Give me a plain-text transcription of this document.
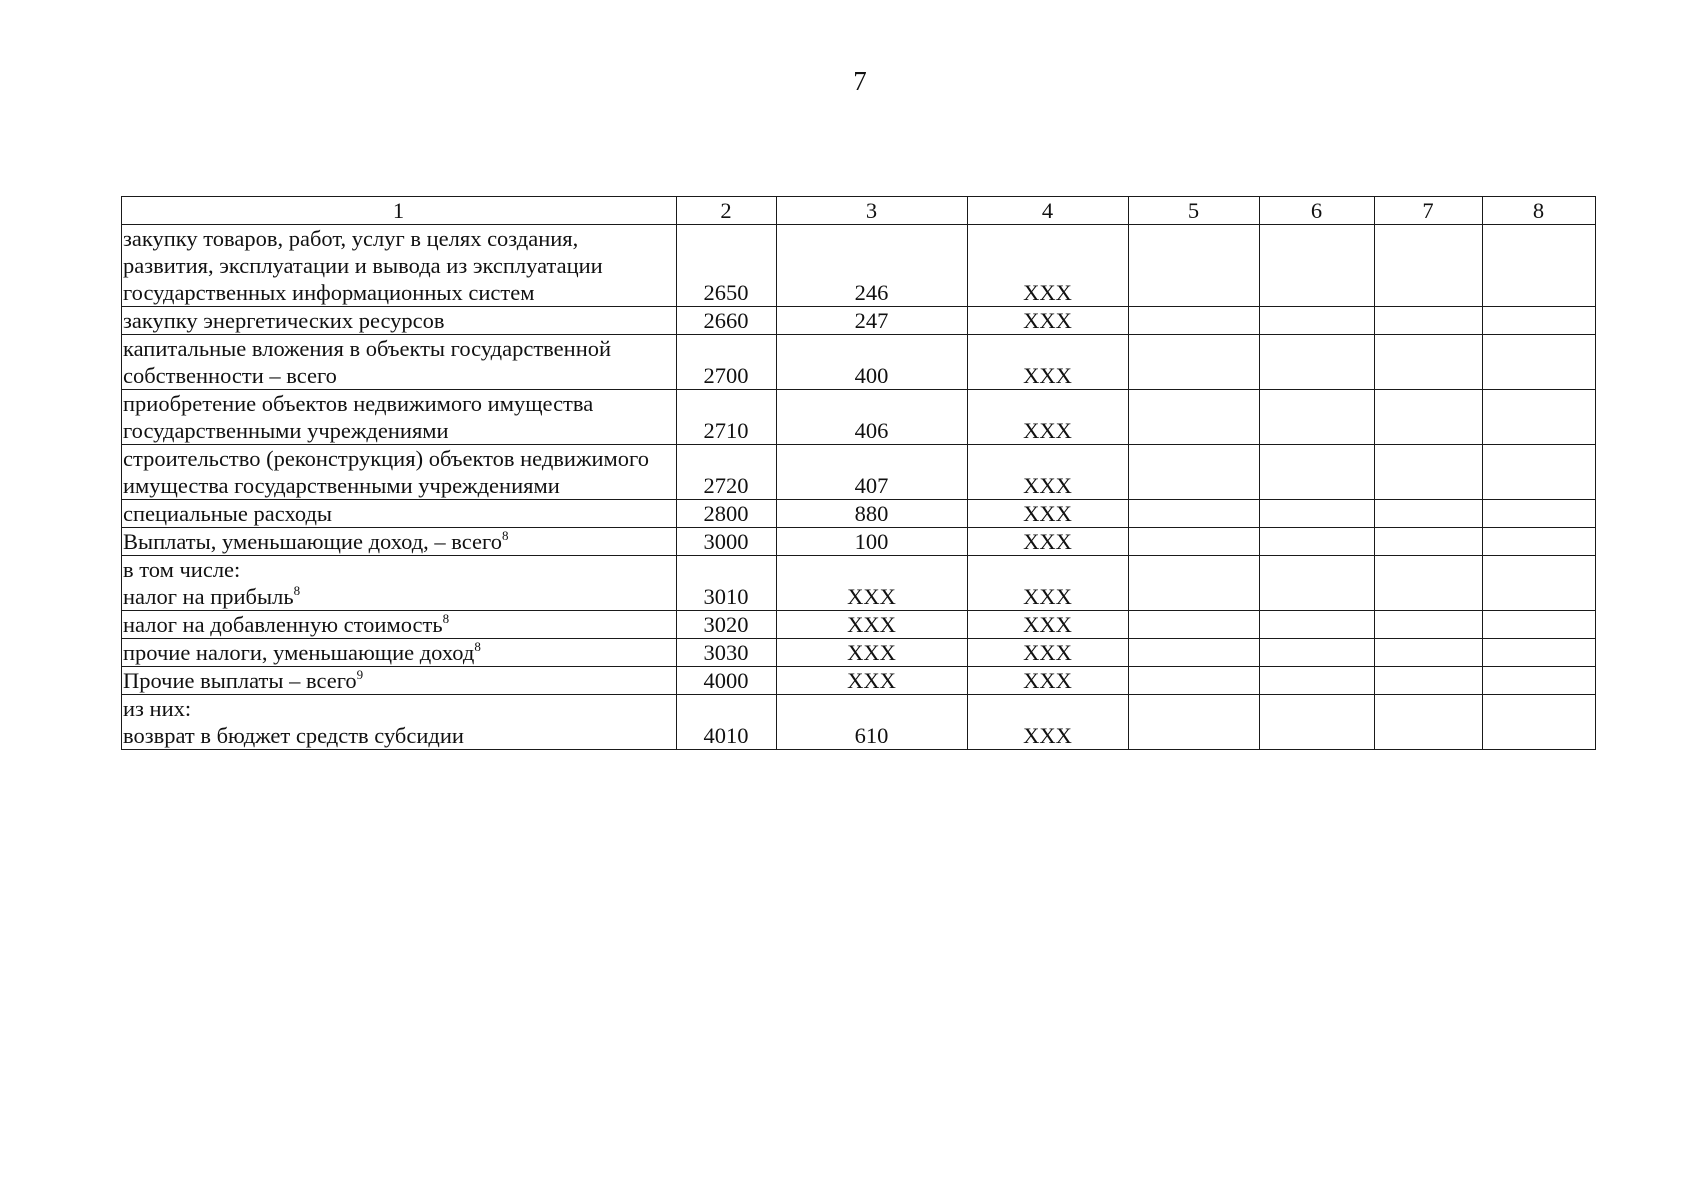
7
1	2	3	4	5	6	7	8
закупку товаров, работ, услуг в целях создания,
развития, эксплуатации и вывода из эксплуатации
государственных информационных систем	2650	246	XXX				
закупку энергетических ресурсов	2660	247	XXX				
капитальные вложения в объекты государственной
собственности – всего	2700	400	XXX				
приобретение объектов недвижимого имущества
государственными учреждениями	2710	406	XXX				
строительство (реконструкция) объектов недвижимого
имущества государственными учреждениями	2720	407	XXX				
специальные расходы	2800	880	XXX				
Выплаты, уменьшающие доход, – всего$^8$	3000	100	XXX				
в том числе:
налог на прибыль$^8$	3010	XXX	XXX				
налог на добавленную стоимость$^8$	3020	XXX	XXX				
прочие налоги, уменьшающие доход$^8$	3030	XXX	XXX				
Прочие выплаты – всего$^9$	4000	XXX	XXX				
из них:
возврат в бюджет средств субсидии	4010	610	XXX				
